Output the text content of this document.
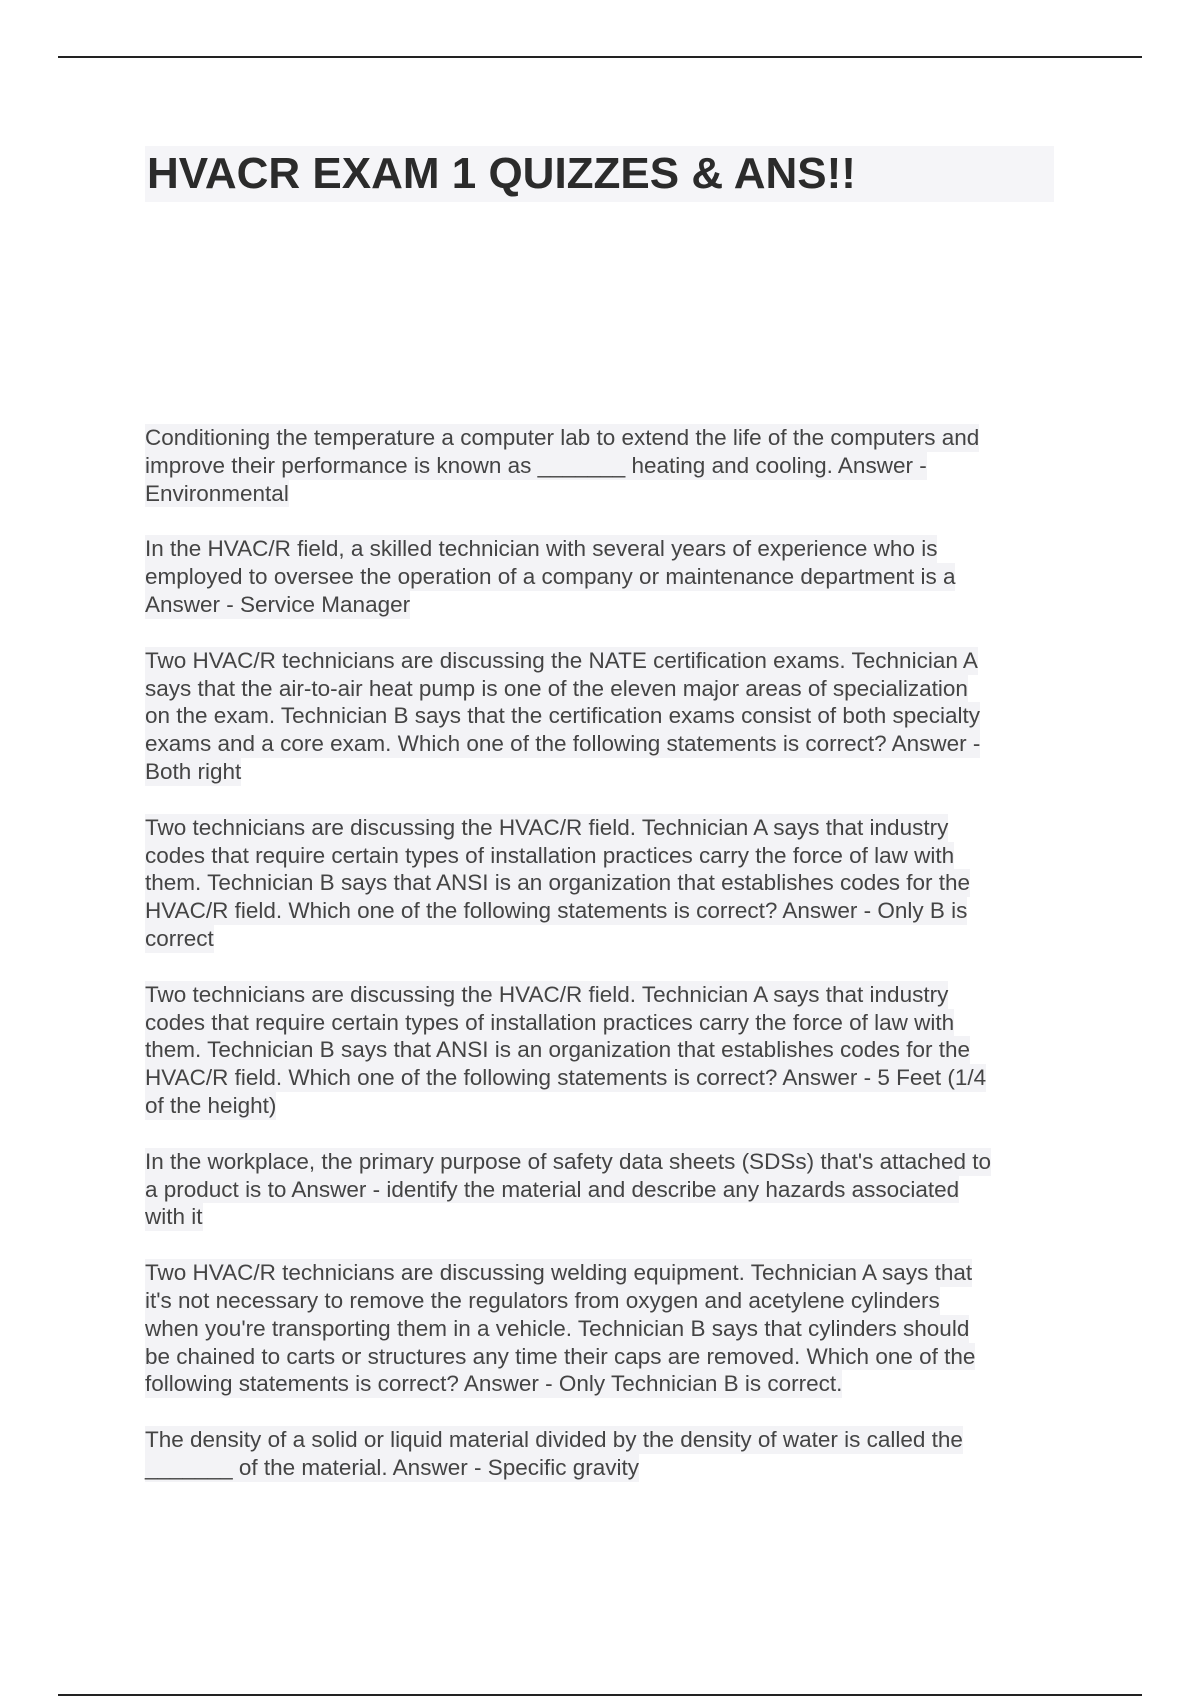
HVACR EXAM 1 QUIZZES & ANS!!
Conditioning the temperature a computer lab to extend the life of the computers and
improve their performance is known as _______ heating and cooling. Answer -
Environmental
In the HVAC/R field, a skilled technician with several years of experience who is
employed to oversee the operation of a company or maintenance department is a
Answer - Service Manager
Two HVAC/R technicians are discussing the NATE certification exams. Technician A
says that the air-to-air heat pump is one of the eleven major areas of specialization
on the exam. Technician B says that the certification exams consist of both specialty
exams and a core exam. Which one of the following statements is correct? Answer -
Both right
Two technicians are discussing the HVAC/R field. Technician A says that industry
codes that require certain types of installation practices carry the force of law with
them. Technician B says that ANSI is an organization that establishes codes for the
HVAC/R field. Which one of the following statements is correct? Answer - Only B is
correct
Two technicians are discussing the HVAC/R field. Technician A says that industry
codes that require certain types of installation practices carry the force of law with
them. Technician B says that ANSI is an organization that establishes codes for the
HVAC/R field. Which one of the following statements is correct? Answer - 5 Feet (1/4
of the height)
In the workplace, the primary purpose of safety data sheets (SDSs) that's attached to
a product is to Answer - identify the material and describe any hazards associated
with it
Two HVAC/R technicians are discussing welding equipment. Technician A says that
it's not necessary to remove the regulators from oxygen and acetylene cylinders
when you're transporting them in a vehicle. Technician B says that cylinders should
be chained to carts or structures any time their caps are removed. Which one of the
following statements is correct? Answer - Only Technician B is correct.
The density of a solid or liquid material divided by the density of water is called the
_______ of the material. Answer - Specific gravity
